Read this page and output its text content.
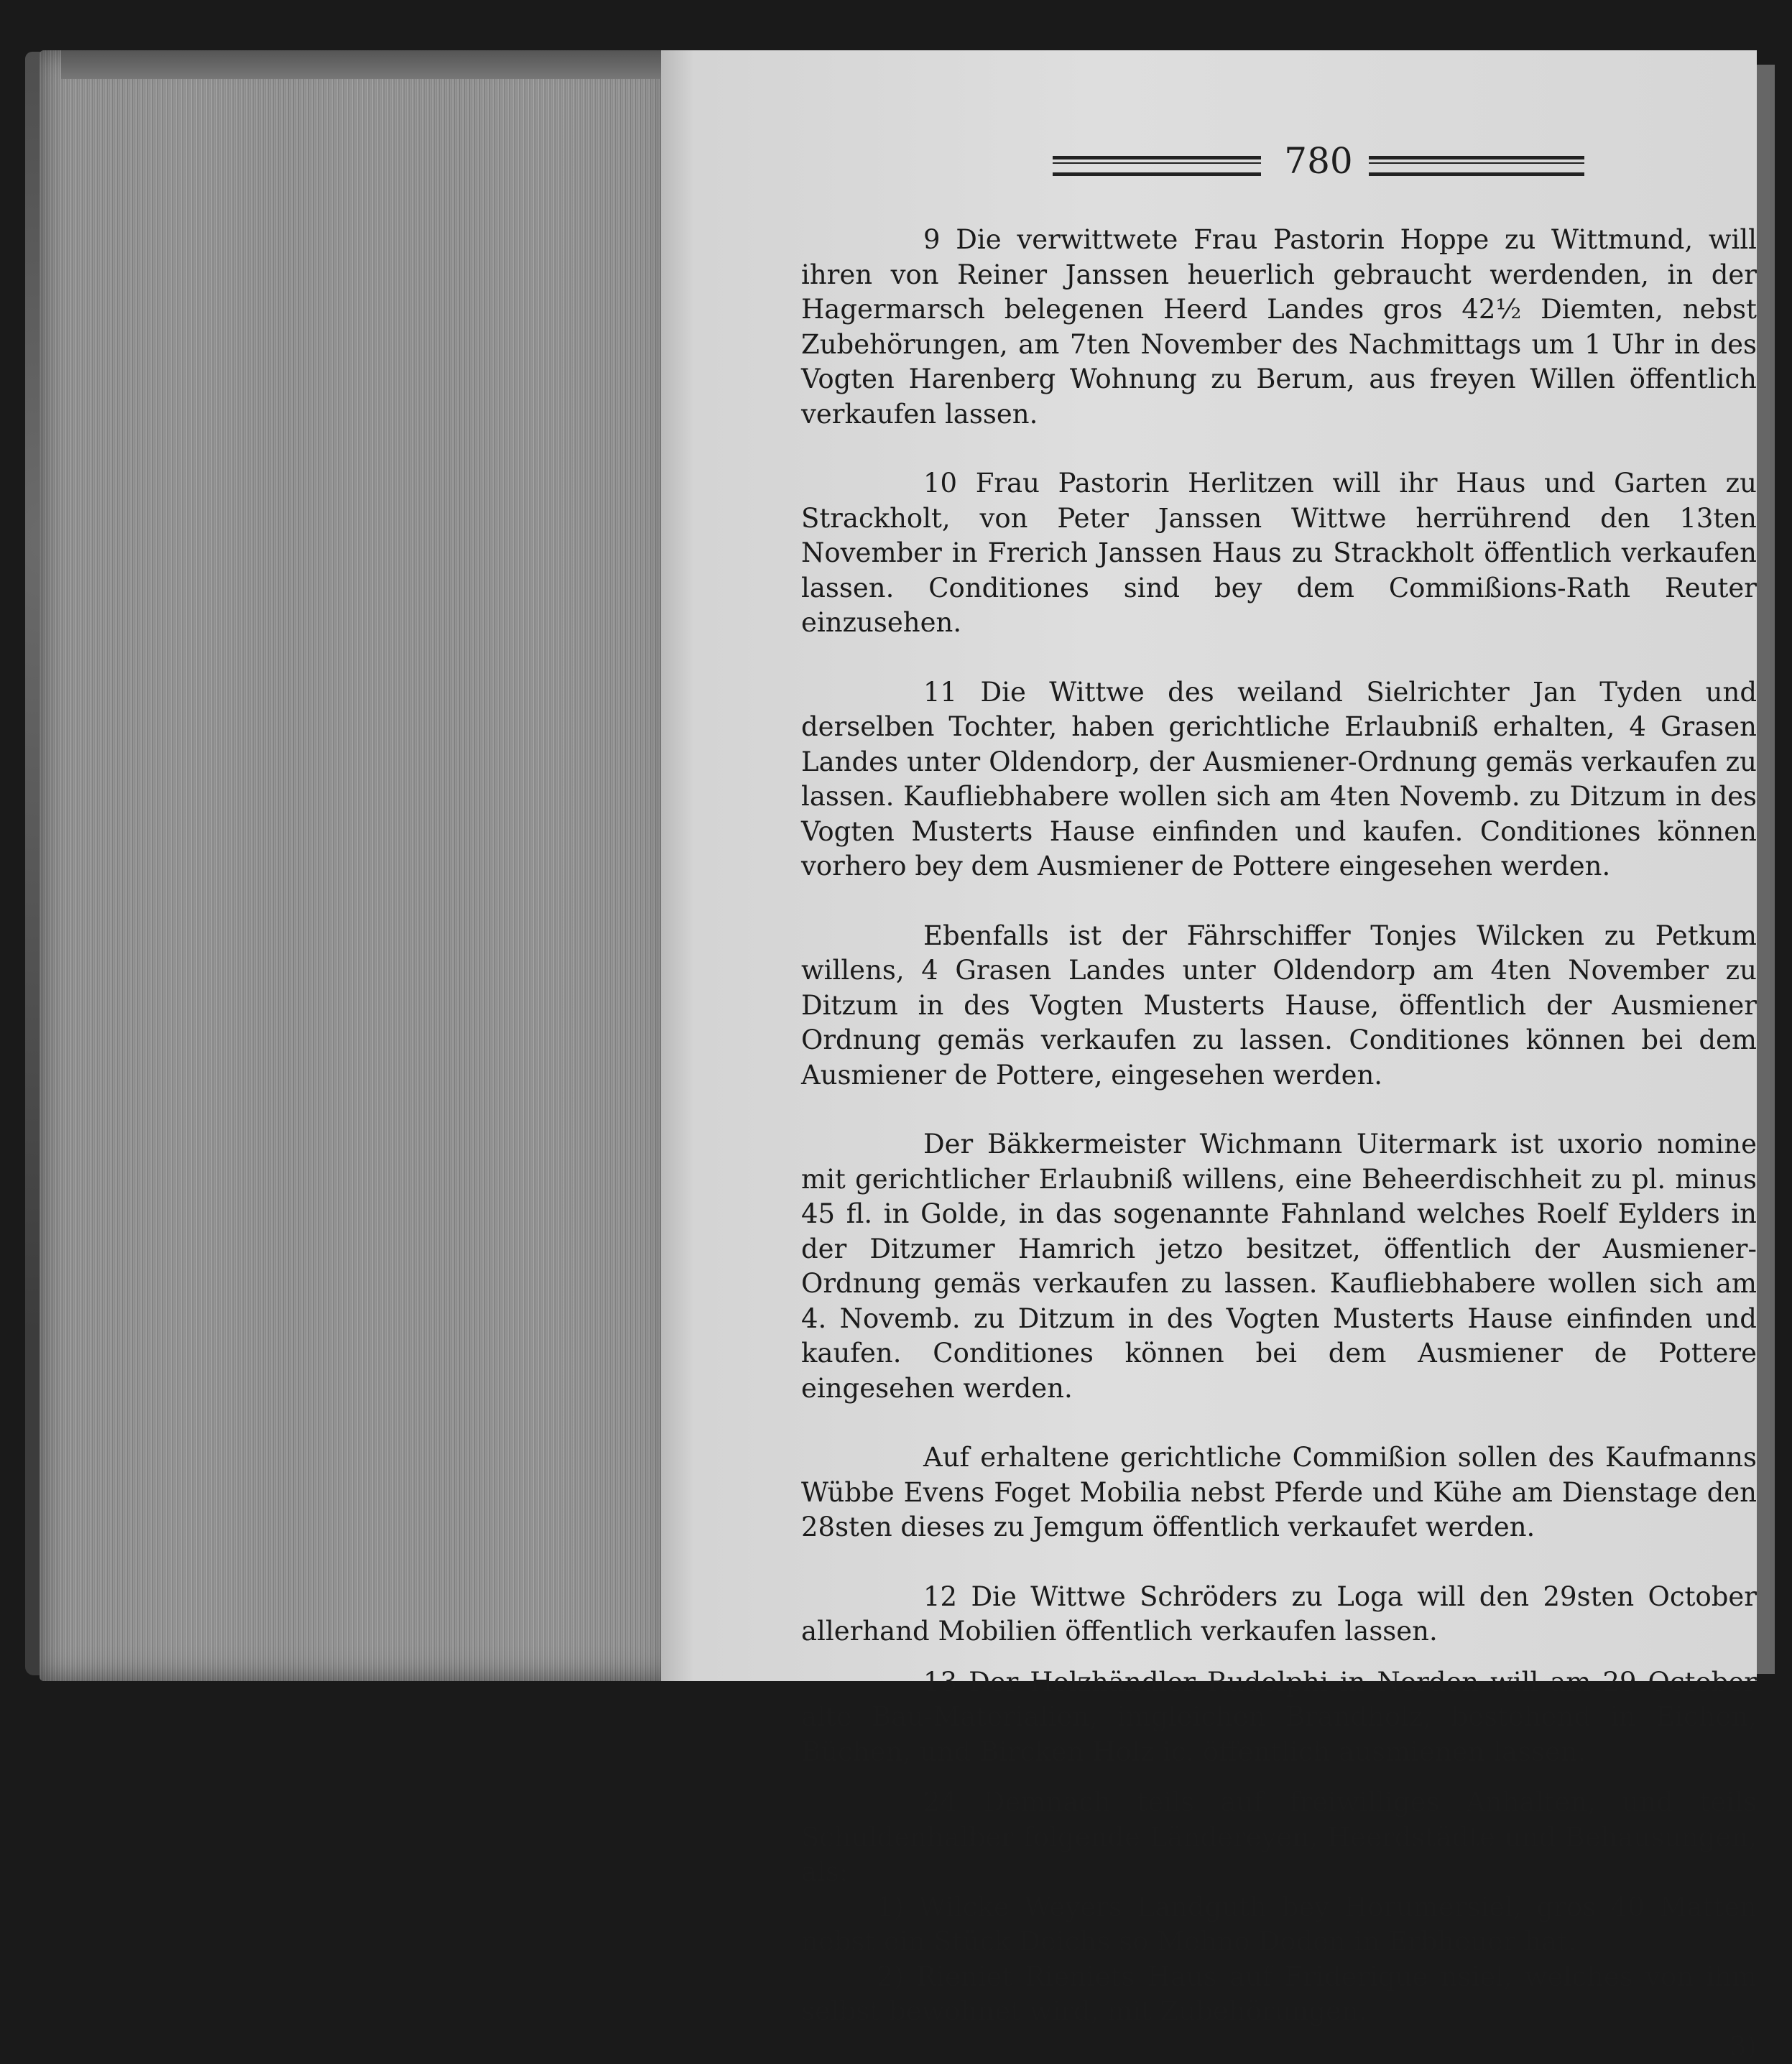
780

9 Die verwittwete Frau Pastorin Hoppe zu Wittmund, will ihren von Reiner Janssen heuerlich gebraucht werdenden, in der Hagermarsch belegenen Heerd Landes gros 42½ Diemten, nebst Zubehörungen, am 7ten November des Nachmittags um 1 Uhr in des Vogten Harenberg Wohnung zu Berum, aus freyen Willen öffentlich verkaufen lassen.

10 Frau Pastorin Herlitzen will ihr Haus und Garten zu Strackholt, von Peter Janssen Wittwe herrührend den 13ten November in Frerich Janssen Haus zu Strackholt öffentlich verkaufen lassen. Conditiones sind bey dem Commißions-Rath Reuter einzusehen.

11 Die Wittwe des weiland Sielrichter Jan Tyden und derselben Tochter, haben gerichtliche Erlaubniß erhalten, 4 Grasen Landes unter Oldendorp, der Ausmiener-Ordnung gemäs verkaufen zu lassen. Kaufliebhabere wollen sich am 4ten Novemb. zu Ditzum in des Vogten Musterts Hause einfinden und kaufen. Conditiones können vorhero bey dem Ausmiener de Pottere eingesehen werden.

Ebenfalls ist der Fährschiffer Tonjes Wilcken zu Petkum willens, 4 Grasen Landes unter Oldendorp am 4ten November zu Ditzum in des Vogten Musterts Hause, öffentlich der Ausmiener Ordnung gemäs verkaufen zu lassen. Conditiones können bei dem Ausmiener de Pottere, eingesehen werden.

Der Bäkkermeister Wichmann Uitermark ist uxorio nomine mit gerichtlicher Erlaubniß willens, eine Beheerdischheit zu pl. minus 45 fl. in Golde, in das sogenannte Fahnland welches Roelf Eylders in der Ditzumer Hamrich jetzo besitzet, öffentlich der Ausmiener-Ordnung gemäs verkaufen zu lassen. Kaufliebhabere wollen sich am 4. Novemb. zu Ditzum in des Vogten Musterts Hause einfinden und kaufen. Conditiones können bei dem Ausmiener de Pottere eingesehen werden.

Auf erhaltene gerichtliche Commißion sollen des Kaufmanns Wübbe Evens Foget Mobilia nebst Pferde und Kühe am Dienstage den 28sten dieses zu Jemgum öffentlich verkaufet werden.

12 Die Wittwe Schröders zu Loga will den 29sten October allerhand Mobilien öffentlich verkaufen lassen.

13 Der Holzhändler Rudolphi in Norden will am 29 October alte Bau-Materialien, imgleichen Brandholz, bestehend in Eichen, Büchen, und Bircken Holz ic. öffentlich ausmienen lassen.

24 Demnach teils auf freiwilliges Anhalten, und teils Schuldenhalber folgende Ländereyen, Heerdstädte und Behausungen, als:

1) Wilcke Weyers Landguth bey Horumersiel, gros 40 Matten nebst ein Stück Deichs so Mehno Doden in Erbheuer hat.

2) Rieniet Rieniets Haus auf Friderique nsiel, welches von ihm selbst bewohnet wird, mit Zubehörungen.

3)
